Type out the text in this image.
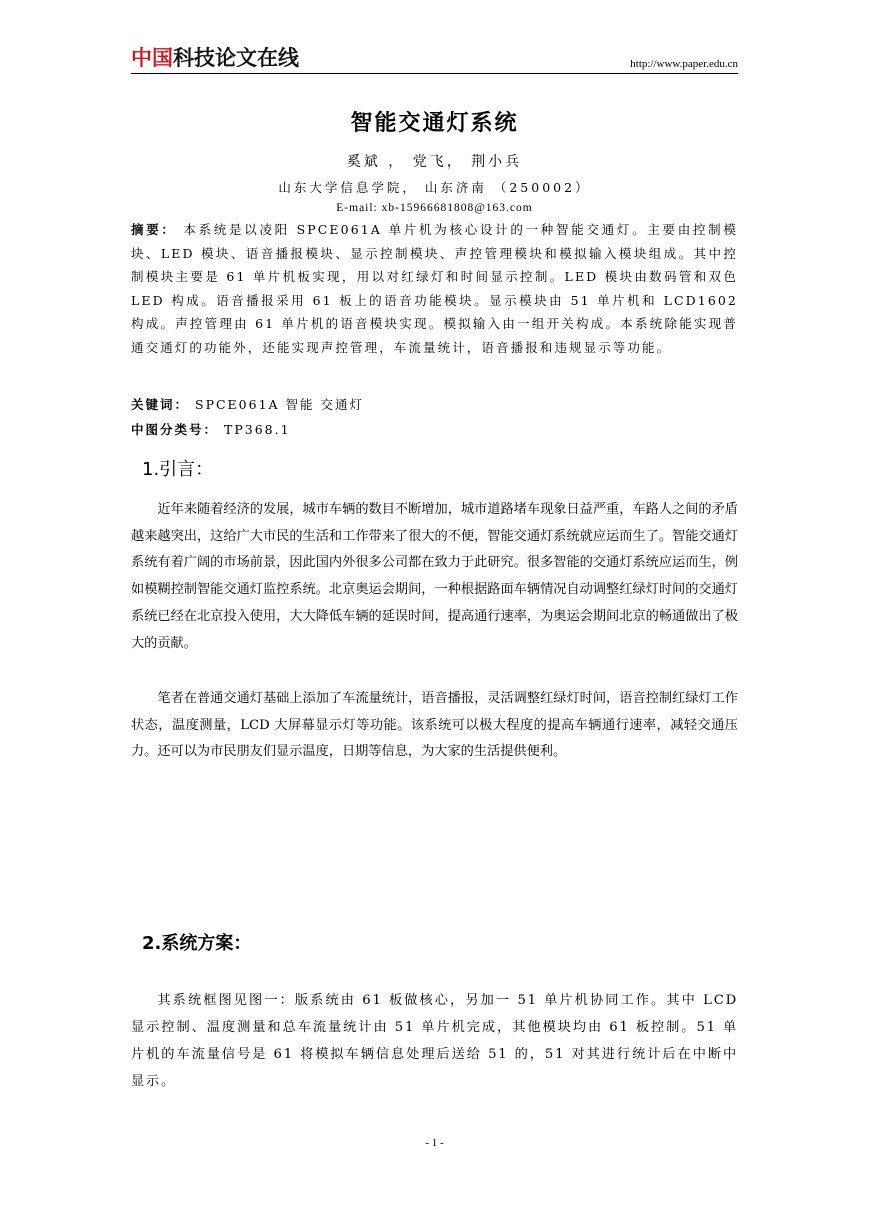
中国科技论文在线	http://www.paper.edu.cn
智能交通灯系统
奚斌 ， 党飞， 荆小兵
山东大学信息学院， 山东济南 （250002）
E-mail: xb-15966681808@163.com
摘要： 本系统是以凌阳 SPCE061A 单片机为核心设计的一种智能交通灯。主要由控制模块、LED 模块、语音播报模块、显示控制模块、声控管理模块和模拟输入模块组成。其中控制模块主要是 61 单片机板实现，用以对红绿灯和时间显示控制。LED 模块由数码管和双色 LED 构成。语音播报采用 61 板上的语音功能模块。显示模块由 51 单片机和 LCD1602 构成。声控管理由 61 单片机的语音模块实现。模拟输入由一组开关构成。本系统除能实现普通交通灯的功能外，还能实现声控管理，车流量统计，语音播报和违规显示等功能。
关键词： SPCE061A 智能 交通灯
中图分类号： TP368.1
1.引言：
近年来随着经济的发展，城市车辆的数目不断增加，城市道路堵车现象日益严重，车路人之间的矛盾越来越突出，这给广大市民的生活和工作带来了很大的不便，智能交通灯系统就应运而生了。智能交通灯系统有着广阔的市场前景，因此国内外很多公司都在致力于此研究。很多智能的交通灯系统应运而生，例如模糊控制智能交通灯监控系统。北京奥运会期间，一种根据路面车辆情况自动调整红绿灯时间的交通灯系统已经在北京投入使用，大大降低车辆的延误时间，提高通行速率，为奥运会期间北京的畅通做出了极大的贡献。
笔者在普通交通灯基础上添加了车流量统计，语音播报，灵活调整红绿灯时间，语音控制红绿灯工作状态，温度测量，LCD 大屏幕显示灯等功能。该系统可以极大程度的提高车辆通行速率，减轻交通压力。还可以为市民朋友们显示温度，日期等信息，为大家的生活提供便利。
2.系统方案：
其系统框图见图一：版系统由 61 板做核心，另加一 51 单片机协同工作。其中 LCD 显示控制、温度测量和总车流量统计由 51 单片机完成，其他模块均由 61 板控制。51 单片机的车流量信号是 61 将模拟车辆信息处理后送给 51 的，51 对其进行统计后在中断中显示。
- 1 -
